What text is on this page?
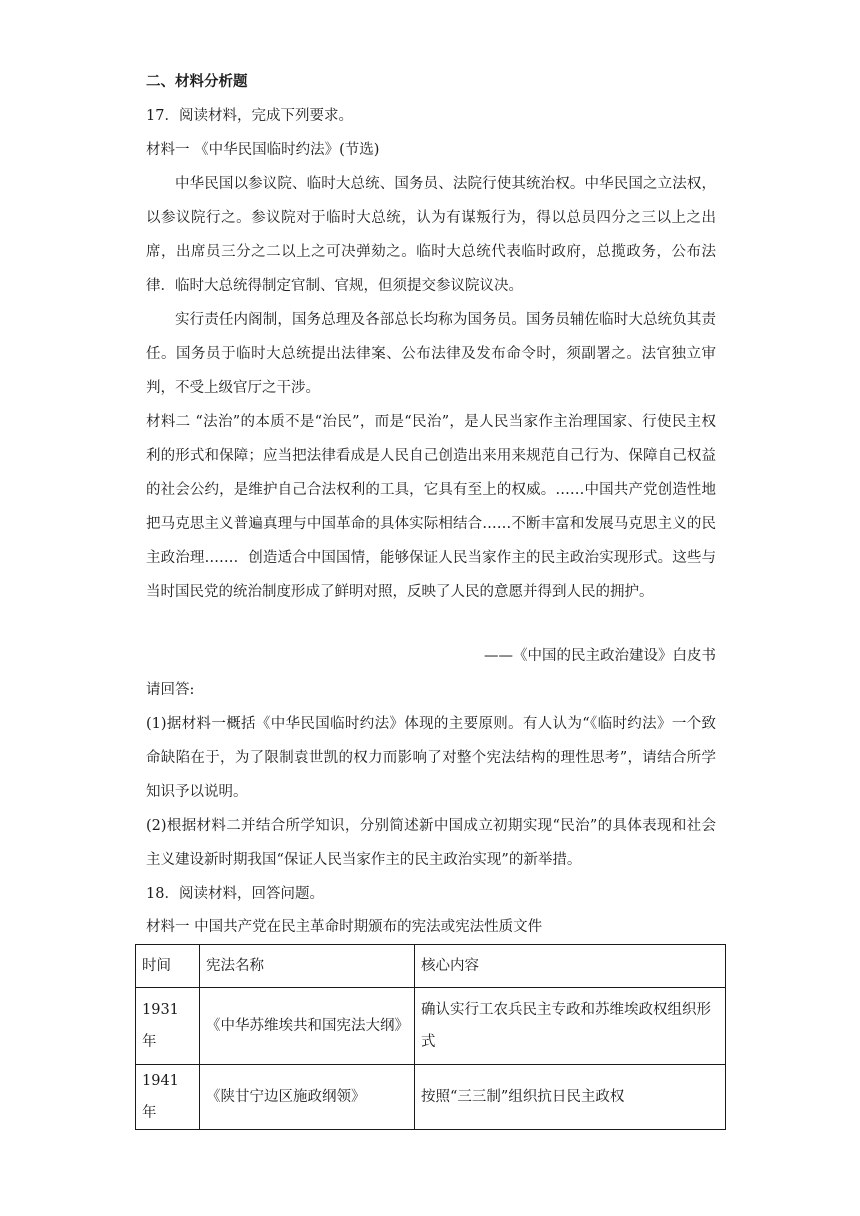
二、材料分析题
17．阅读材料，完成下列要求。
材料一 《中华民国临时约法》(节选)
中华民国以参议院、临时大总统、国务员、法院行使其统治权。中华民国之立法权，以参议院行之。参议院对于临时大总统，认为有谋叛行为，得以总员四分之三以上之出席，出席员三分之二以上之可决弹劾之。临时大总统代表临时政府，总揽政务，公布法律．临时大总统得制定官制、官规，但须提交参议院议决。
实行责任内阁制，国务总理及各部总长均称为国务员。国务员辅佐临时大总统负其责任。国务员于临时大总统提出法律案、公布法律及发布命令时，须副署之。法官独立审判，不受上级官厅之干涉。
材料二 “法治”的本质不是“治民”，而是“民治”，是人民当家作主治理国家、行使民主权利的形式和保障；应当把法律看成是人民自己创造出来用来规范自己行为、保障自己权益的社会公约，是维护自己合法权利的工具，它具有至上的权威。……中国共产党创造性地把马克思主义普遍真理与中国革命的具体实际相结合……不断丰富和发展马克思主义的民主政治理……．创造适合中国国情，能够保证人民当家作主的民主政治实现形式。这些与当时国民党的统治制度形成了鲜明对照，反映了人民的意愿并得到人民的拥护。
——《中国的民主政治建设》白皮书
请回答:
(1)据材料一概括《中华民国临时约法》体现的主要原则。有人认为“《临时约法》一个致命缺陷在于，为了限制袁世凯的权力而影响了对整个宪法结构的理性思考”，请结合所学知识予以说明。
(2)根据材料二并结合所学知识，分别简述新中国成立初期实现“民治”的具体表现和社会主义建设新时期我国“保证人民当家作主的民主政治实现”的新举措。
18．阅读材料，回答问题。
材料一 中国共产党在民主革命时期颁布的宪法或宪法性质文件
时间	宪法名称	核心内容
1931年	《中华苏维埃共和国宪法大纲》	确认实行工农兵民主专政和苏维埃政权组织形式
1941年	《陕甘宁边区施政纲领》	按照“三三制”组织抗日民主政权
